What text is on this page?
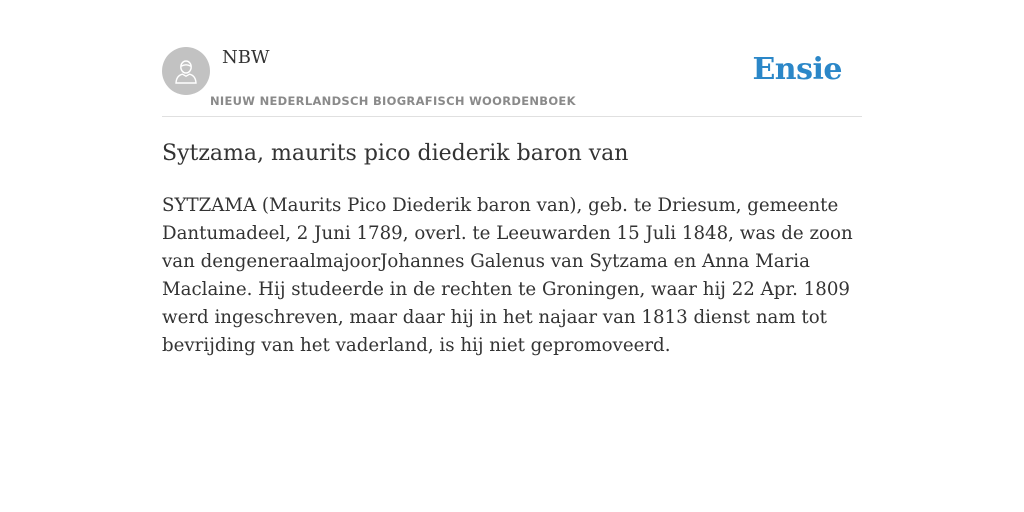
NBW
NIEUW NEDERLANDSCH BIOGRAFISCH WOORDENBOEK
Ensie
Sytzama, maurits pico diederik baron van

SYTZAMA (Maurits Pico Diederik baron van), geb. te Driesum, gemeente Dantumadeel, 2 Juni 1789, overl. te Leeuwarden 15 Juli 1848, was de zoon van dengeneraalmajoorJohannes Galenus van Sytzama en Anna Maria Maclaine. Hij studeerde in de rechten te Groningen, waar hij 22 Apr. 1809 werd ingeschreven, maar daar hij in het najaar van 1813 dienst nam tot bevrijding van het vaderland, is hij niet gepromoveerd.
